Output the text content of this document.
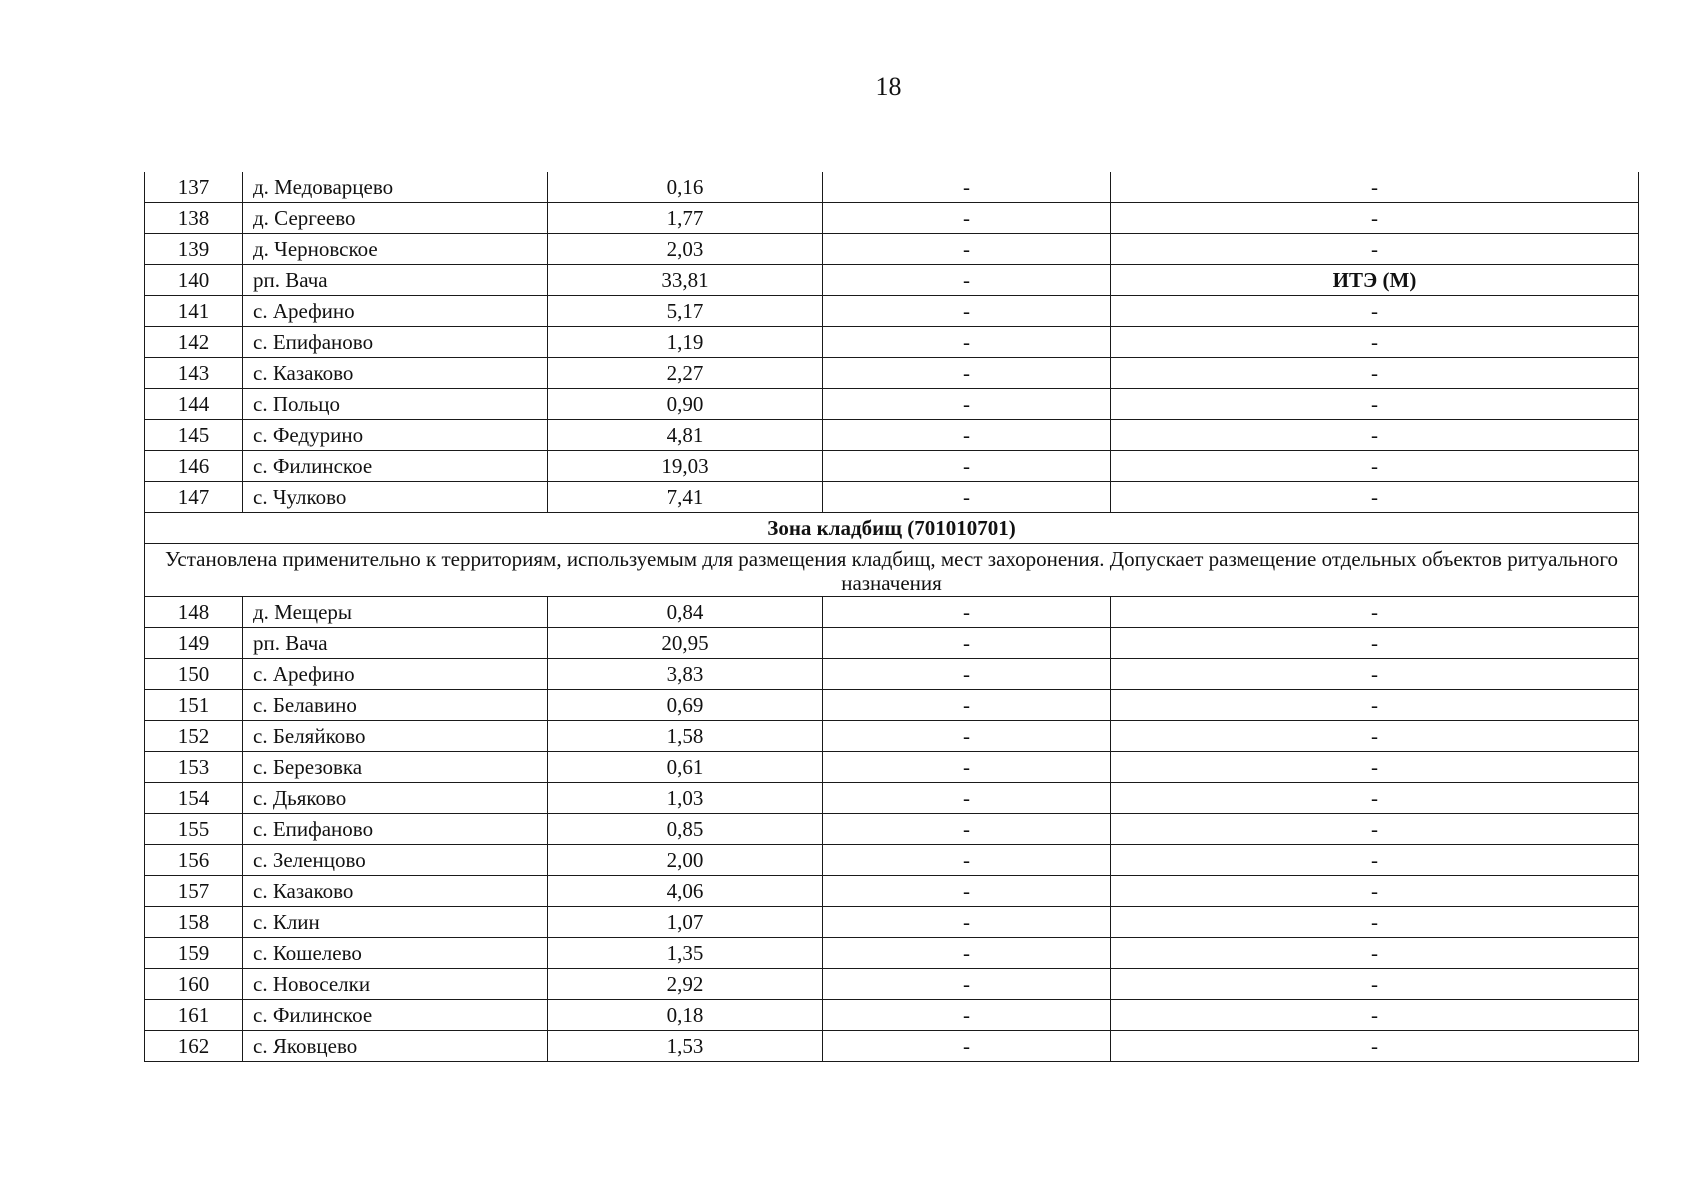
18
137	д. Медоварцево	0,16	-	-
138	д. Сергеево	1,77	-	-
139	д. Черновское	2,03	-	-
140	рп. Вача	33,81	-	ИТЭ (М)
141	с. Арефино	5,17	-	-
142	с. Епифаново	1,19	-	-
143	с. Казаково	2,27	-	-
144	с. Польцо	0,90	-	-
145	с. Федурино	4,81	-	-
146	с. Филинское	19,03	-	-
147	с. Чулково	7,41	-	-
Зона кладбищ (701010701)				
Установлена применительно к территориям, используемым для размещения кладбищ, мест захоронения. Допускает размещение отдельных объектов ритуального назначения				
148	д. Мещеры	0,84	-	-
149	рп. Вача	20,95	-	-
150	с. Арефино	3,83	-	-
151	с. Белавино	0,69	-	-
152	с. Беляйково	1,58	-	-
153	с. Березовка	0,61	-	-
154	с. Дьяково	1,03	-	-
155	с. Епифаново	0,85	-	-
156	с. Зеленцово	2,00	-	-
157	с. Казаково	4,06	-	-
158	с. Клин	1,07	-	-
159	с. Кошелево	1,35	-	-
160	с. Новоселки	2,92	-	-
161	с. Филинское	0,18	-	-
162	с. Яковцево	1,53	-	-
